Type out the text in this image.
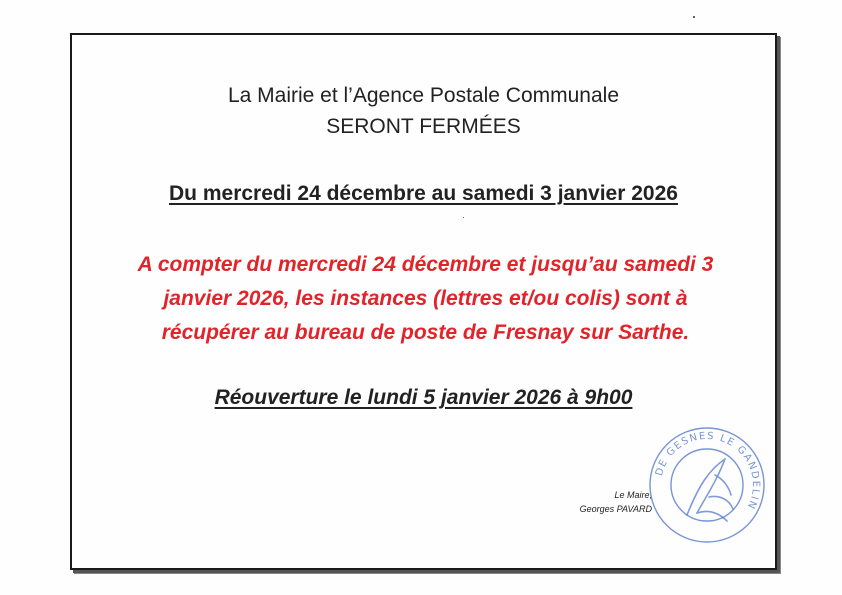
La Mairie et l’Agence Postale Communale
SERONT FERMÉES
Du mercredi 24 décembre au samedi 3 janvier 2026
A compter du mercredi 24 décembre et jusqu’au samedi 3
janvier 2026, les instances (lettres et/ou colis) sont à
récupérer au bureau de poste de Fresnay sur Sarthe.
Réouverture le lundi 5 janvier 2026 à 9h00
Le Maire,
Georges PAVARD
DE GESNES LE GANDELIN
